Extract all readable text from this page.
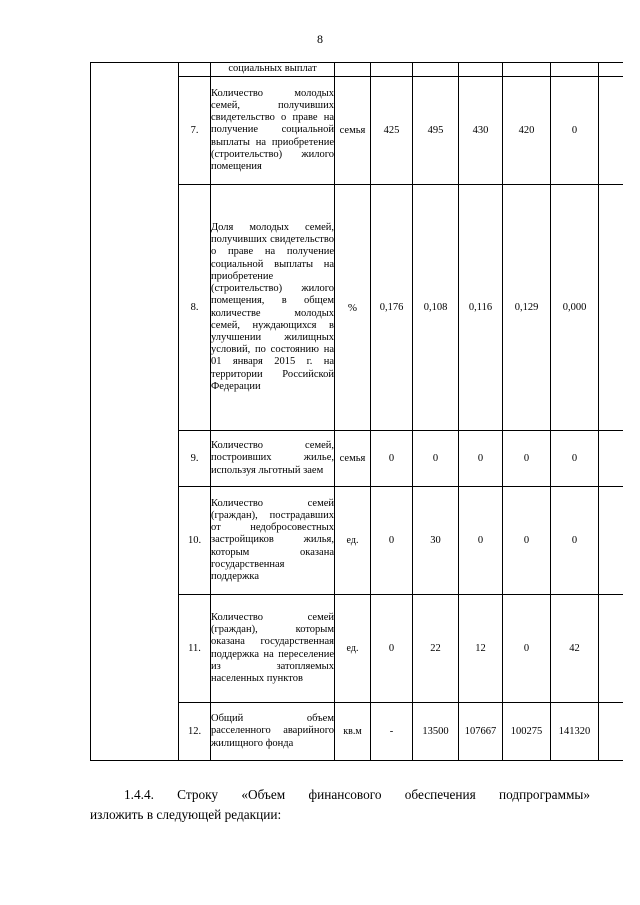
8
		социальных выплат							
	7.	Количество молодых семей, получивших свидетельство о праве на получение социальной выплаты на приобретение (строительство) жилого помещения	семья	425	495	430	420	0	
	8.	Доля молодых семей, получивших свидетельство о праве на получение социальной выплаты на приобретение (строительство) жилого помещения, в общем количестве молодых семей, нуждающихся в улучшении жилищных условий, по состоянию на 01 января 2015 г. на территории Российской Федерации	%	0,176	0,108	0,116	0,129	0,000	
	9.	Количество семей, построивших жилье, используя льготный заем	семья	0	0	0	0	0	
	10.	Количество семей (граждан), пострадавших от недобросовестных застройщиков жилья, которым оказана государственная поддержка	ед.	0	30	0	0	0	
	11.	Количество семей (граждан), которым оказана государственная поддержка на переселение из затопляемых населенных пунктов	ед.	0	22	12	0	42	
	12.	Общий объем расселенного аварийного жилищного фонда	кв.м	-	13500	107667	100275	141320	
1.4.4. Строку «Объем финансового обеспечения подпрограммы»
изложить в следующей редакции:
